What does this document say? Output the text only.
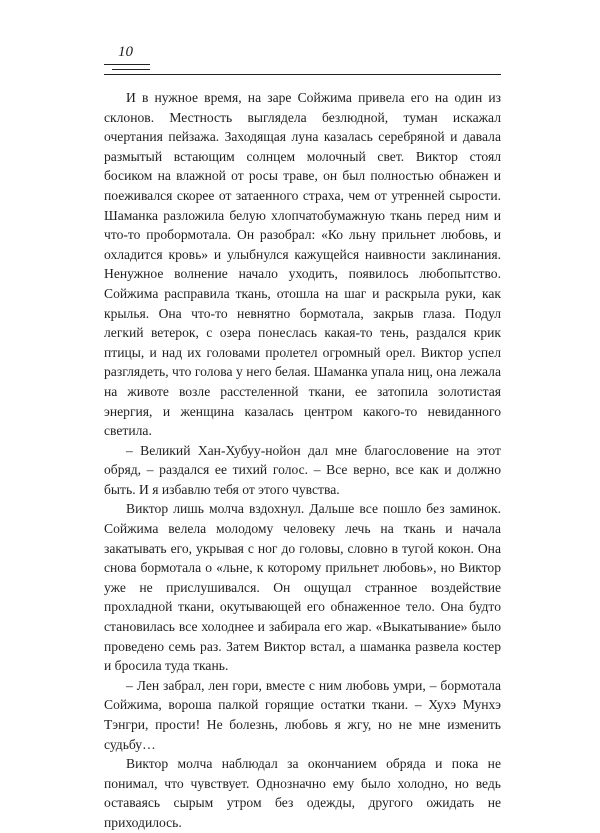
10

И в нужное время, на заре Сойжима привела его на один из склонов. Местность выглядела безлюдной, туман искажал очертания пейзажа. Заходящая луна казалась серебряной и давала размытый встающим солнцем молочный свет. Виктор стоял босиком на влажной от росы траве, он был полностью обнажен и поеживался скорее от затаенного страха, чем от утренней сырости. Шаманка разложила белую хлопчатобумажную ткань перед ним и что-то пробормотала. Он разобрал: «Ко льну прильнет любовь, и охладится кровь» и улыбнулся кажущейся наивности заклинания. Ненужное волнение начало уходить, появилось любопытство. Сойжима расправила ткань, отошла на шаг и раскрыла руки, как крылья. Она что-то невнятно бормотала, закрыв глаза. Подул легкий ветерок, с озера понеслась какая-то тень, раздался крик птицы, и над их головами пролетел огромный орел. Виктор успел разглядеть, что голова у него белая. Шаманка упала ниц, она лежала на животе возле расстеленной ткани, ее затопила золотистая энергия, и женщина казалась центром какого-то невиданного светила.

– Великий Хан-Хубуу-нойон дал мне благословение на этот обряд, – раздался ее тихий голос. – Все верно, все как и должно быть. И я избавлю тебя от этого чувства.

Виктор лишь молча вздохнул. Дальше все пошло без заминок. Сойжима велела молодому человеку лечь на ткань и начала закатывать его, укрывая с ног до головы, словно в тугой кокон. Она снова бормотала о «льне, к которому прильнет любовь», но Виктор уже не прислушивался. Он ощущал странное воздействие прохладной ткани, окутывающей его обнаженное тело. Она будто становилась все холоднее и забирала его жар. «Выкатывание» было проведено семь раз. Затем Виктор встал, а шаманка развела костер и бросила туда ткань.

– Лен забрал, лен гори, вместе с ним любовь умри, – бормотала Сойжима, вороша палкой горящие остатки ткани. – Хухэ Мунхэ Тэнгри, прости! Не болезнь, любовь я жгу, но не мне изменить судьбу…

Виктор молча наблюдал за окончанием обряда и пока не понимал, что чувствует. Однозначно ему было холодно, но ведь оставаясь сырым утром без одежды, другого ожидать не приходилось.
